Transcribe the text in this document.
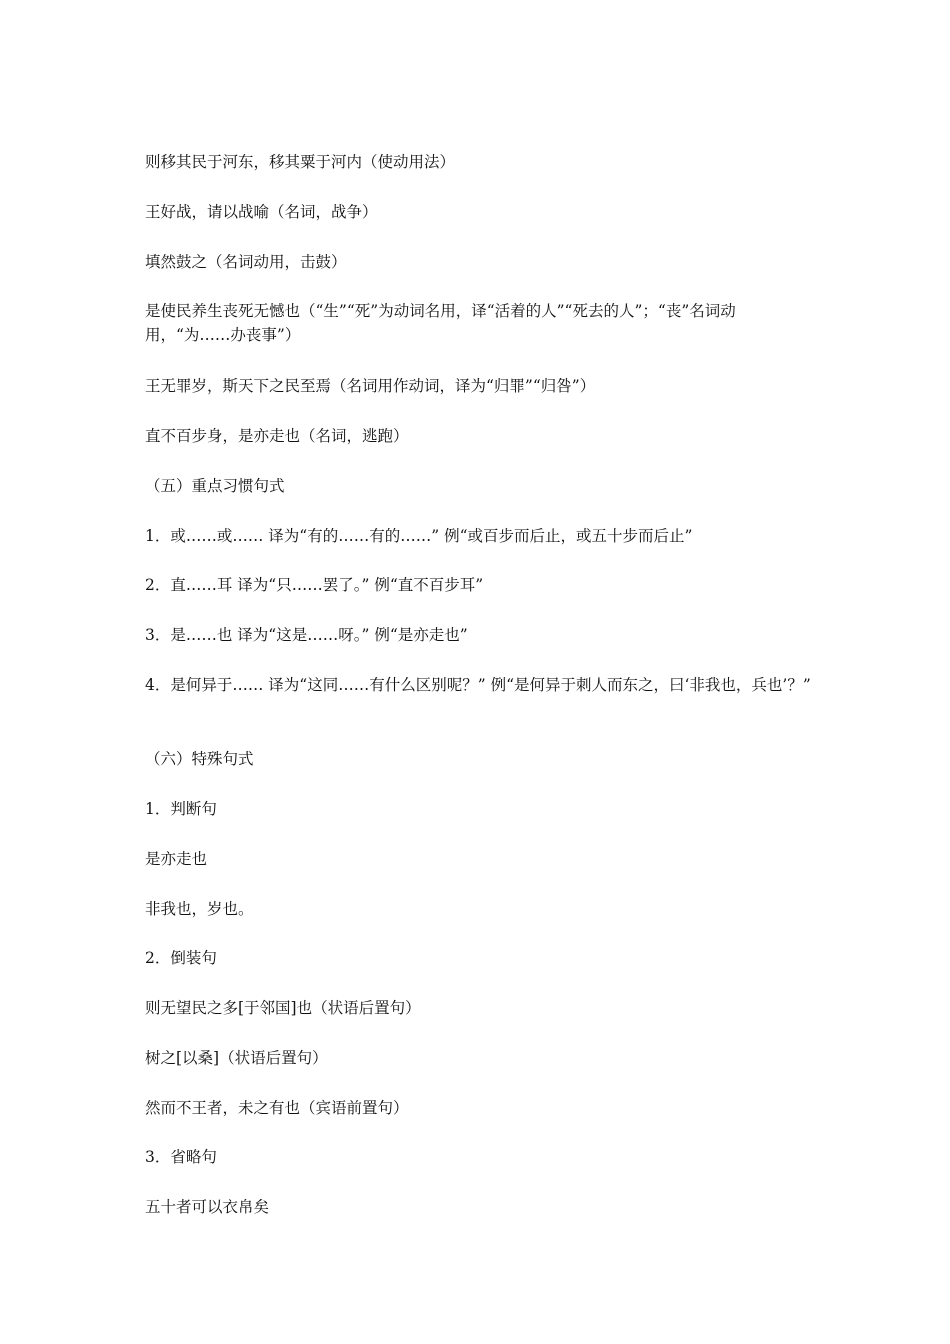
则移其民于河东，移其粟于河内（使动用法）

王好战，请以战喻（名词，战争）

填然鼓之（名词动用，击鼓）

是使民养生丧死无憾也（“生”“死”为动词名用，译“活着的人”“死去的人”；“丧”名词动用，“为……办丧事”）

王无罪岁，斯天下之民至焉（名词用作动词，译为“归罪”“归咎”）

直不百步身，是亦走也（名词，逃跑）

（五）重点习惯句式

1．或……或…… 译为“有的……有的……” 例“或百步而后止，或五十步而后止”

2．直……耳 译为“只……罢了。” 例“直不百步耳”

3．是……也 译为“这是……呀。” 例“是亦走也”

4．是何异于…… 译为“这同……有什么区别呢？” 例“是何异于刺人而东之，曰‘非我也，兵也’？”

（六）特殊句式

1．判断句

是亦走也

非我也，岁也。

2．倒装句

则无望民之多[于邻国]也（状语后置句）

树之[以桑]（状语后置句）

然而不王者，未之有也（宾语前置句）

3．省略句

五十者可以衣帛矣
